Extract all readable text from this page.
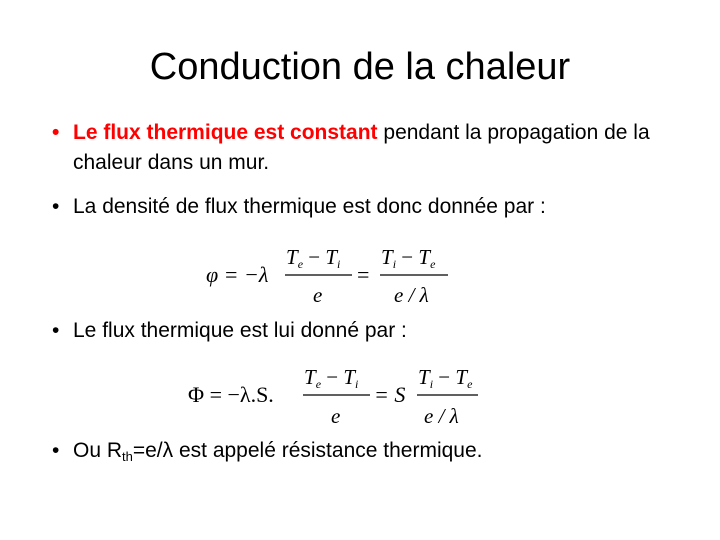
Conduction de la chaleur
• Le flux thermique est constant pendant la propagation de la chaleur dans un mur.
• La densité de flux thermique est donc donnée par :
φ = −λ
Te − Ti
e
=
Ti − Te
e / λ
• Le flux thermique est lui donné par :
Φ = −λ.S.
Te − Ti
e
= S
Ti − Te
e / λ
• Ou $R_{th}=e/\lambda$ est appelé résistance thermique.
